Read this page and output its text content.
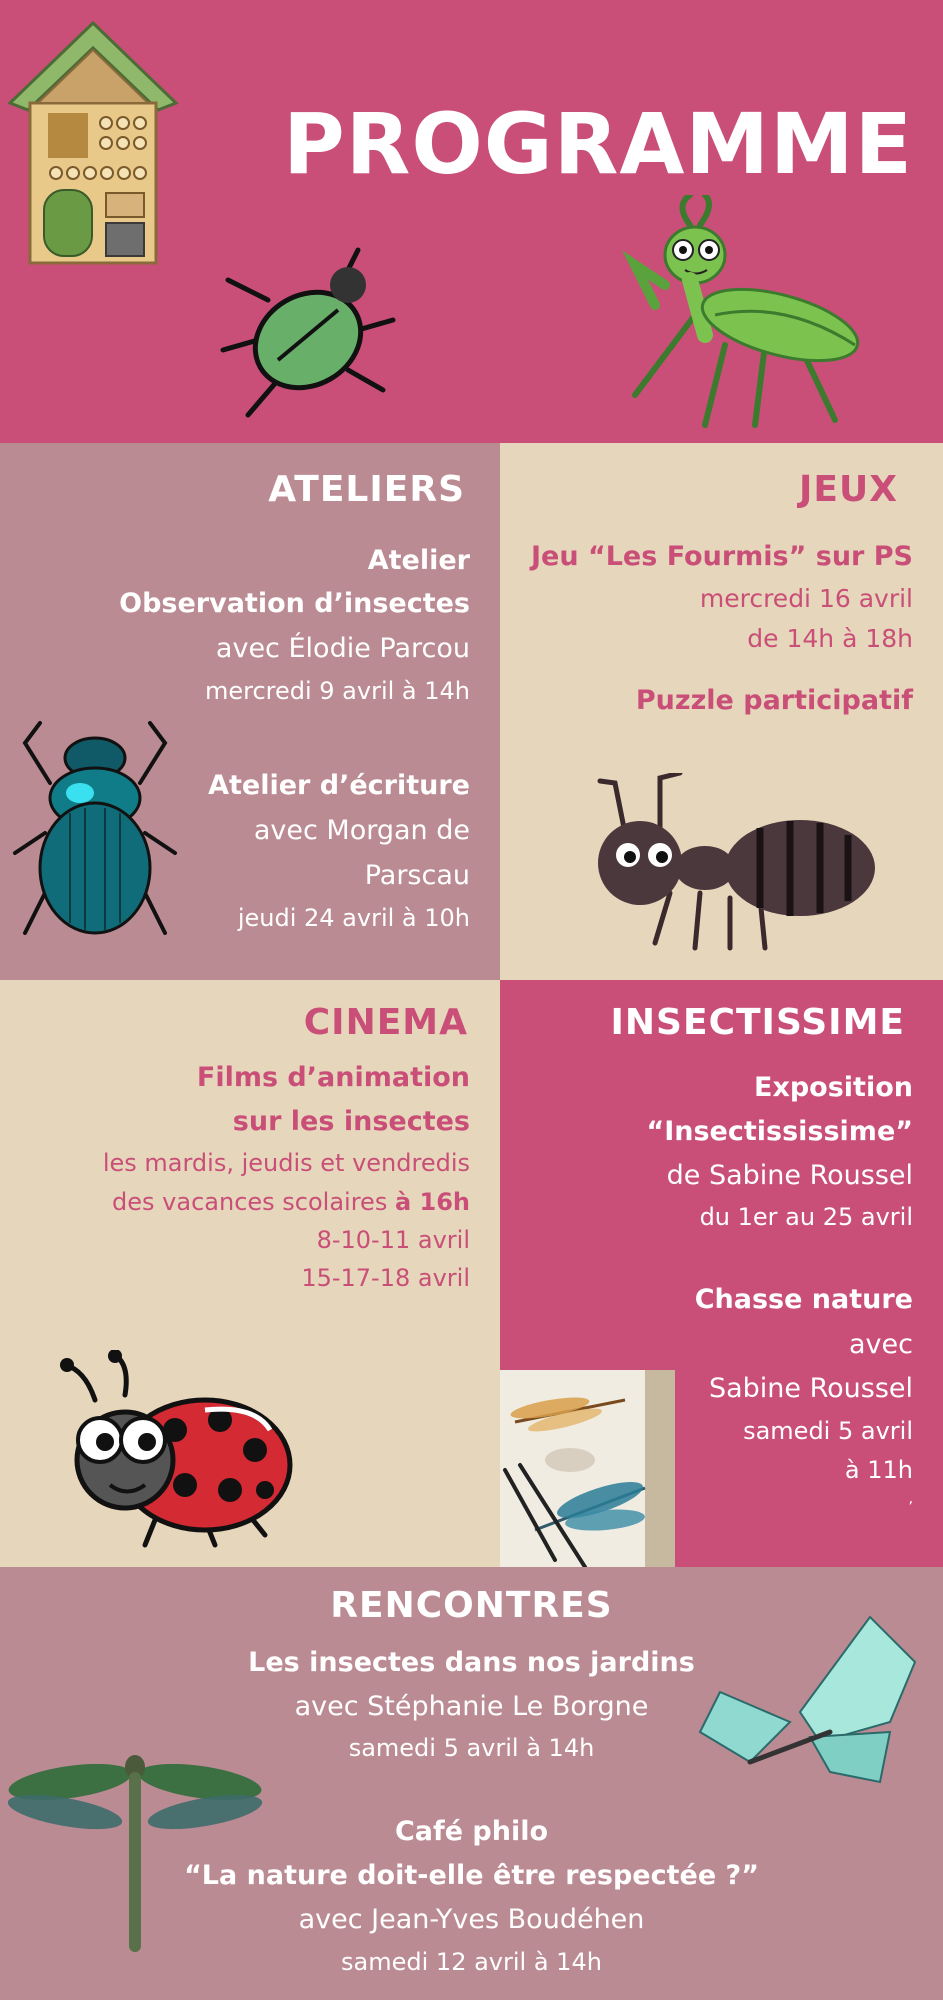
PROGRAMME
ATELIERS

Atelier

Observation d’insectes

avec Élodie Parcou

mercredi 9 avril à 14h

Atelier d’écriture

avec Morgan de

Parscau

jeudi 24 avril à 10h

JEUX

Jeu “Les Fourmis” sur PS

mercredi 16 avril

de 14h à 18h

Puzzle participatif

CINEMA

Films d’animation

sur les insectes

les mardis, jeudis et vendredis

des vacances scolaires à 16h

8-10-11 avril

15-17-18 avril

INSECTISSIME

Exposition

“Insectississime”

de Sabine Roussel

du 1er au 25 avril

Chasse nature

avec

Sabine Roussel

samedi 5 avril

à 11h

‚

RENCONTRES

Les insectes dans nos jardins

avec Stéphanie Le Borgne

samedi 5 avril à 14h

Café philo

“La nature doit-elle être respectée ?”

avec Jean-Yves Boudéhen

samedi 12 avril à 14h
